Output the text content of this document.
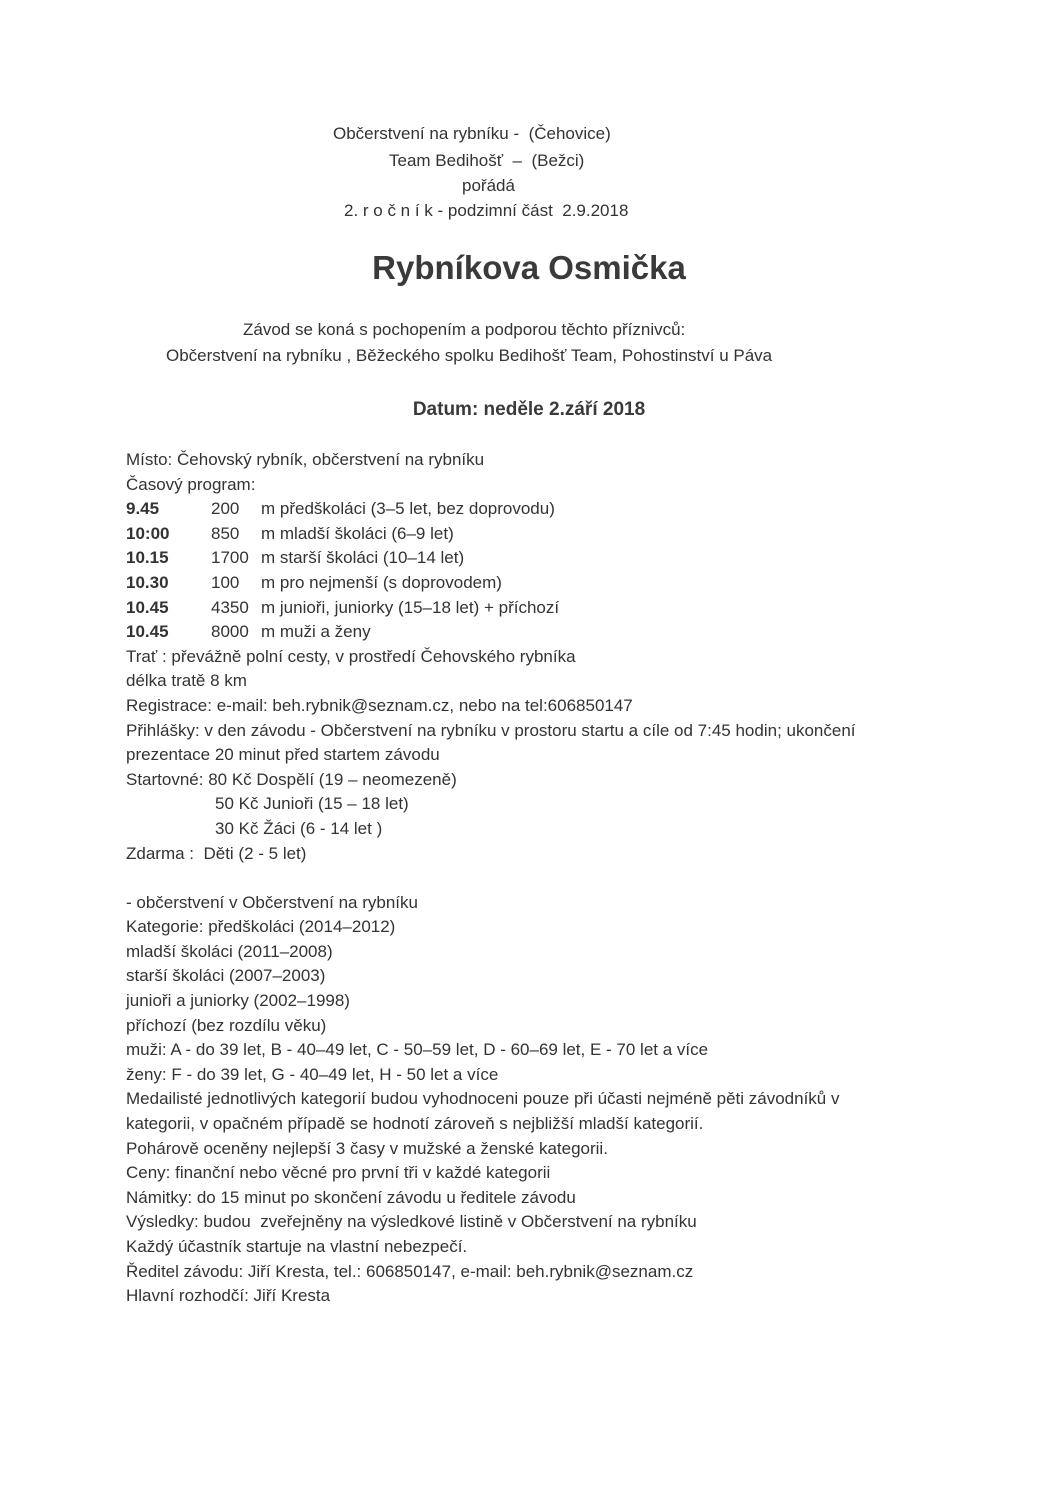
Občerstvení na rybníku -  (Čehovice)
Team Bedihošť  –  (Bežci)
pořádá
2. r o č n í k - podzimní část  2.9.2018
Rybníkova Osmička
Závod se koná s pochopením a podporou těchto příznivců:
Občerstvení na rybníku , Běžeckého spolku Bedihošť Team, Pohostinství u Páva
Datum: neděle 2.září 2018
Místo: Čehovský rybník, občerstvení na rybníku
Časový program:
9.45	200	m předškoláci (3–5 let, bez doprovodu)
10:00	850	m mladší školáci (6–9 let)
10.15	1700 m starší školáci (10–14 let)
10.30	100	m pro nejmenší (s doprovodem)
10.45	4350 m junioři, juniorky (15–18 let) + příchozí
10.45	8000 m muži a ženy
Trať : převážně polní cesty, v prostředí Čehovského rybníka
délka tratě 8 km
Registrace: e-mail: beh.rybnik@seznam.cz, nebo na tel:606850147
Přihlášky: v den závodu - Občerstvení na rybníku v prostoru startu a cíle od 7:45 hodin; ukončení
prezentace 20 minut před startem závodu
Startovné: 80 Kč Dospělí (19 – neomezeně)
50 Kč Junioři (15 – 18 let)
30 Kč Žáci (6 - 14 let )
Zdarma :  Děti (2 - 5 let)
- občerstvení v Občerstvení na rybníku
Kategorie: předškoláci (2014–2012)
mladší školáci (2011–2008)
starší školáci (2007–2003)
junioři a juniorky (2002–1998)
příchozí (bez rozdílu věku)
muži: A - do 39 let, B - 40–49 let, C - 50–59 let, D - 60–69 let, E - 70 let a více
ženy: F - do 39 let, G - 40–49 let, H - 50 let a více
Medailisté jednotlivých kategorií budou vyhodnoceni pouze při účasti nejméně pěti závodníků v
kategorii, v opačném případě se hodnotí zároveň s nejbližší mladší kategorií.
Pohárově oceněny nejlepší 3 časy v mužské a ženské kategorii.
Ceny: finanční nebo věcné pro první tři v každé kategorii
Námitky: do 15 minut po skončení závodu u ředitele závodu
Výsledky: budou  zveřejněny na výsledkové listině v Občerstvení na rybníku
Každý účastník startuje na vlastní nebezpečí.
Ředitel závodu: Jiří Kresta, tel.: 606850147, e-mail: beh.rybnik@seznam.cz
Hlavní rozhodčí: Jiří Kresta
